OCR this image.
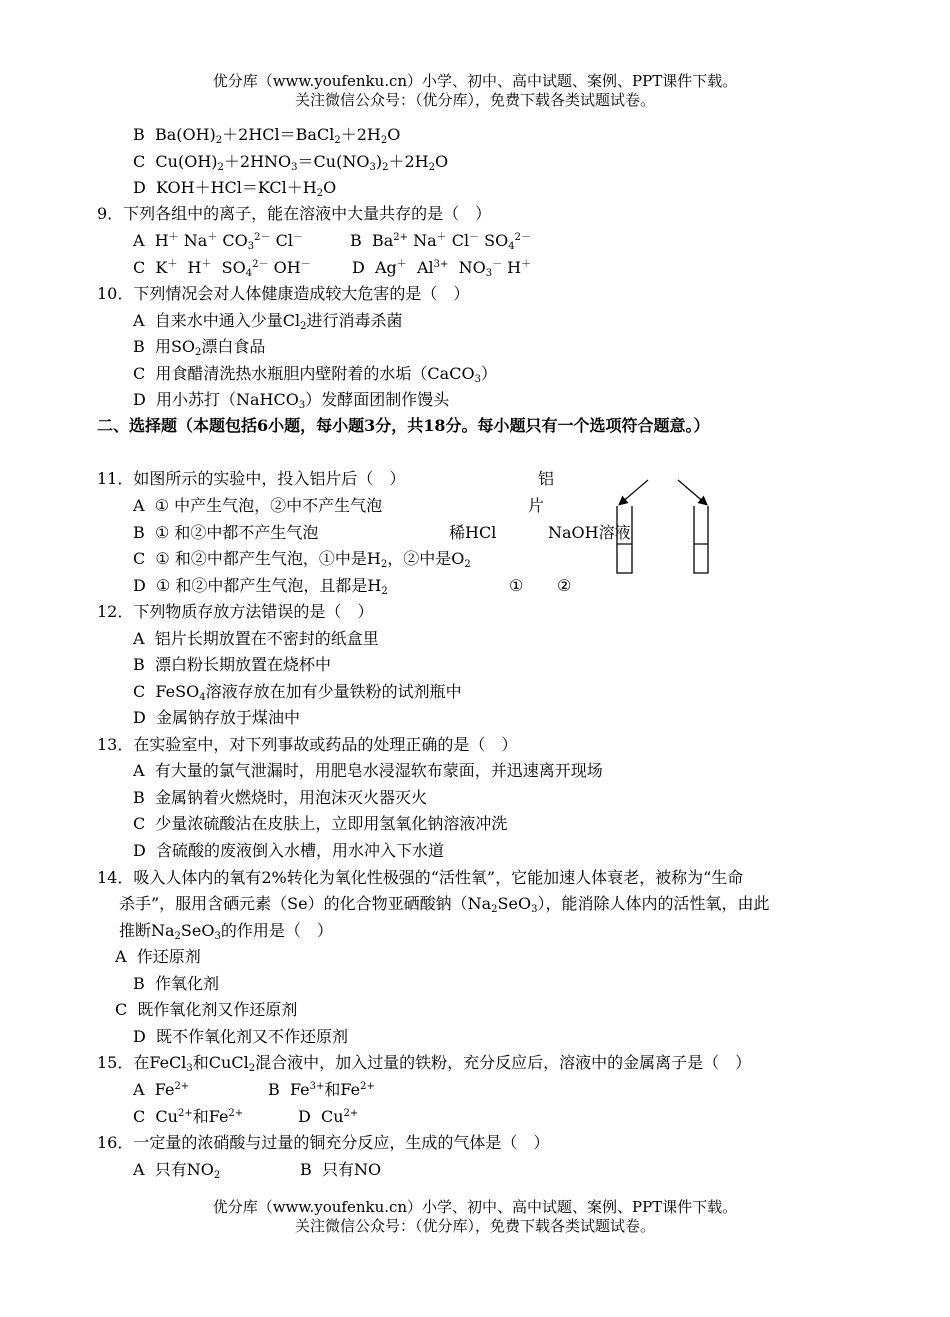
优分库（www.youfenku.cn）小学、初中、高中试题、案例、PPT课件下载。
关注微信公众号：（优分库），免费下载各类试题试卷。
B $Ba(OH)_2+2HCl=BaCl_2+2H_2O$
C $Cu(OH)_2+2HNO_3=Cu(NO_3)_2+2H_2O$
D $KOH+HCl=KCl+H_2O$
9．下列各组中的离子，能在溶液中大量共存的是（　）
A H＋ Na＋ $CO_3^{2-}$ Cl－	B $Ba^{2+}$ Na＋ Cl－ $SO_4^{2-}$
C K＋ H＋ $SO_4^{2-}$ OH－	D Ag＋ $Al^{3+}$ $NO_3^-$ H＋
10．下列情况会对人体健康造成较大危害的是（　）
A 自来水中通入少量$Cl_2$进行消毒杀菌
B 用$SO_2$漂白食品
C 用食醋清洗热水瓶胆内壁附着的水垢（CaCO$_3$）
D 用小苏打（NaHCO$_3$）发酵面团制作馒头
二、选择题（本题包括6小题，每小题3分，共18分。每小题只有一个选项符合题意。）
11．如图所示的实验中，投入铝片后（　）
A ① 中产生气泡，②中不产生气泡
B ① 和②中都不产生气泡
C ① 和②中都产生气泡，①中是$H_2$，②中是$O_2$
D ① 和②中都产生气泡，且都是$H_2$
铝
片
稀HCl	NaOH溶液
① ②
12．下列物质存放方法错误的是（　）
A 铝片长期放置在不密封的纸盒里
B 漂白粉长期放置在烧杯中
C FeSO$_4$溶液存放在加有少量铁粉的试剂瓶中
D 金属钠存放于煤油中
13．在实验室中，对下列事故或药品的处理正确的是（　）
A 有大量的氯气泄漏时，用肥皂水浸湿软布蒙面，并迅速离开现场
B 金属钠着火燃烧时，用泡沫灭火器灭火
C 少量浓硫酸沾在皮肤上，立即用氢氧化钠溶液冲洗
D 含硫酸的废液倒入水槽，用水冲入下水道
14．吸入人体内的氧有2%转化为氧化性极强的“活性氧”，它能加速人体衰老，被称为“生命
杀手”，服用含硒元素（Se）的化合物亚硒酸钠$(Na_2SeO_3)$，能消除人体内的活性氧，由此
推断$Na_2SeO_3$的作用是（　）
A 作还原剂
B 作氧化剂
C 既作氧化剂又作还原剂
D 既不作氧化剂又不作还原剂
15．在FeCl$_3$和CuCl$_2$混合液中，加入过量的铁粉，充分反应后，溶液中的金属离子是（　）
A $Fe^{2+}$	B $Fe^{3+}$和$Fe^{2+}$
C $Cu^{2+}$和$Fe^{2+}$	D $Cu^{2+}$
16．一定量的浓硝酸与过量的铜充分反应，生成的气体是（　）
A 只有$NO_2$	B 只有NO
优分库（www.youfenku.cn）小学、初中、高中试题、案例、PPT课件下载。
关注微信公众号：（优分库），免费下载各类试题试卷。
